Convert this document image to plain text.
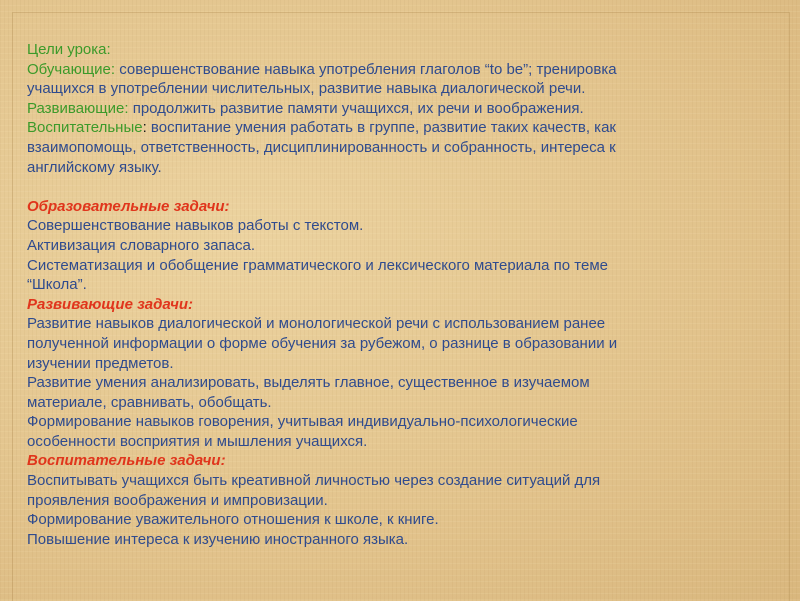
Цели урока:
Обучающие: совершенствование навыка употребления глаголов “to be”; тренировка
учащихся в употреблении числительных, развитие навыка диалогической речи.
Развивающие: продолжить развитие памяти учащихся, их речи и воображения.
Воспитательные: воспитание умения работать в группе, развитие таких качеств, как
взаимопомощь, ответственность, дисциплинированность и собранность, интереса к
английскому языку.
Образовательные задачи:
Совершенствование навыков работы с текстом.
Активизация словарного запаса.
Систематизация и обобщение грамматического и лексического материала по теме
“Школа”.
Развивающие задачи:
Развитие навыков диалогической и монологической речи с использованием ранее
полученной информации о форме обучения за рубежом, о разнице в образовании и
изучении предметов.
Развитие умения анализировать, выделять главное, существенное в изучаемом
материале, сравнивать, обобщать.
Формирование навыков говорения, учитывая индивидуально-психологические
особенности восприятия и мышления учащихся.
Воспитательные задачи:
Воспитывать учащихся быть креативной личностью через создание ситуаций для
проявления воображения и импровизации.
Формирование уважительного отношения к школе, к книге.
Повышение интереса к изучению иностранного языка.
